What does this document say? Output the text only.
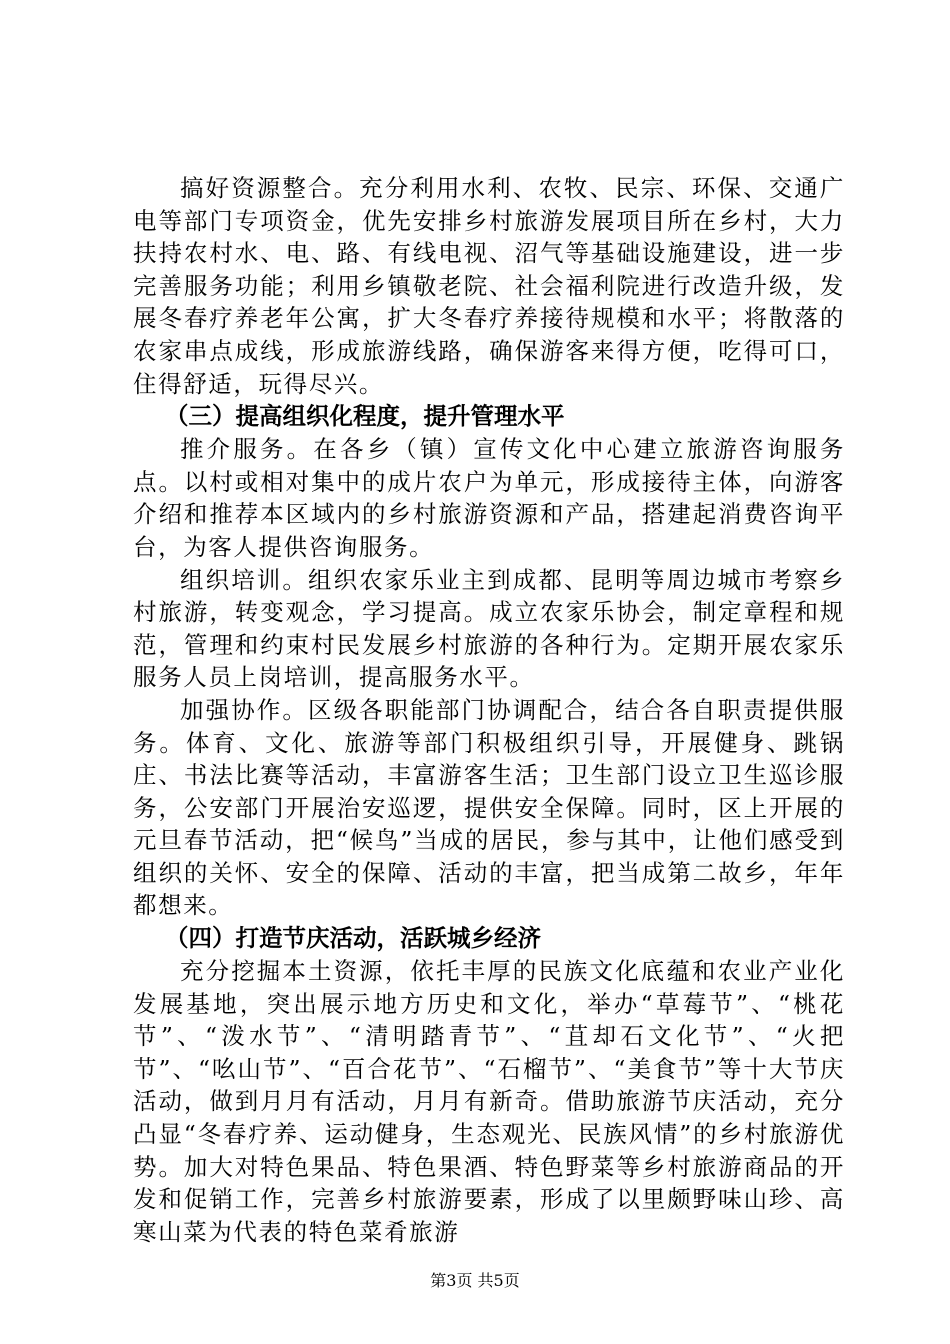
搞好资源整合。充分利用水利、农牧、民宗、环保、交通广电等部门专项资金，优先安排乡村旅游发展项目所在乡村，大力扶持农村水、电、路、有线电视、沼气等基础设施建设，进一步完善服务功能；利用乡镇敬老院、社会福利院进行改造升级，发展冬春疗养老年公寓，扩大冬春疗养接待规模和水平；将散落的农家串点成线，形成旅游线路，确保游客来得方便，吃得可口，住得舒适，玩得尽兴。

（三）提高组织化程度，提升管理水平

推介服务。在各乡（镇）宣传文化中心建立旅游咨询服务点。以村或相对集中的成片农户为单元，形成接待主体，向游客介绍和推荐本区域内的乡村旅游资源和产品，搭建起消费咨询平台，为客人提供咨询服务。

组织培训。组织农家乐业主到成都、昆明等周边城市考察乡村旅游，转变观念，学习提高。成立农家乐协会，制定章程和规范，管理和约束村民发展乡村旅游的各种行为。定期开展农家乐服务人员上岗培训，提高服务水平。

加强协作。区级各职能部门协调配合，结合各自职责提供服务。体育、文化、旅游等部门积极组织引导，开展健身、跳锅庄、书法比赛等活动，丰富游客生活；卫生部门设立卫生巡诊服务，公安部门开展治安巡逻，提供安全保障。同时，区上开展的元旦春节活动，把“候鸟”当成的居民，参与其中，让他们感受到组织的关怀、安全的保障、活动的丰富，把当成第二故乡，年年都想来。

（四）打造节庆活动，活跃城乡经济

充分挖掘本土资源，依托丰厚的民族文化底蕴和农业产业化发展基地，突出展示地方历史和文化，举办“草莓节”、“桃花节”、“泼水节”、“清明踏青节”、“苴却石文化节”、“火把节”、“吆山节”、“百合花节”、“石榴节”、“美食节”等十大节庆活动，做到月月有活动，月月有新奇。借助旅游节庆活动，充分凸显“冬春疗养、运动健身，生态观光、民族风情”的乡村旅游优势。加大对特色果品、特色果酒、特色野菜等乡村旅游商品的开发和促销工作，完善乡村旅游要素，形成了以里颇野味山珍、高寒山菜为代表的特色菜肴旅游

第3页 共5页
